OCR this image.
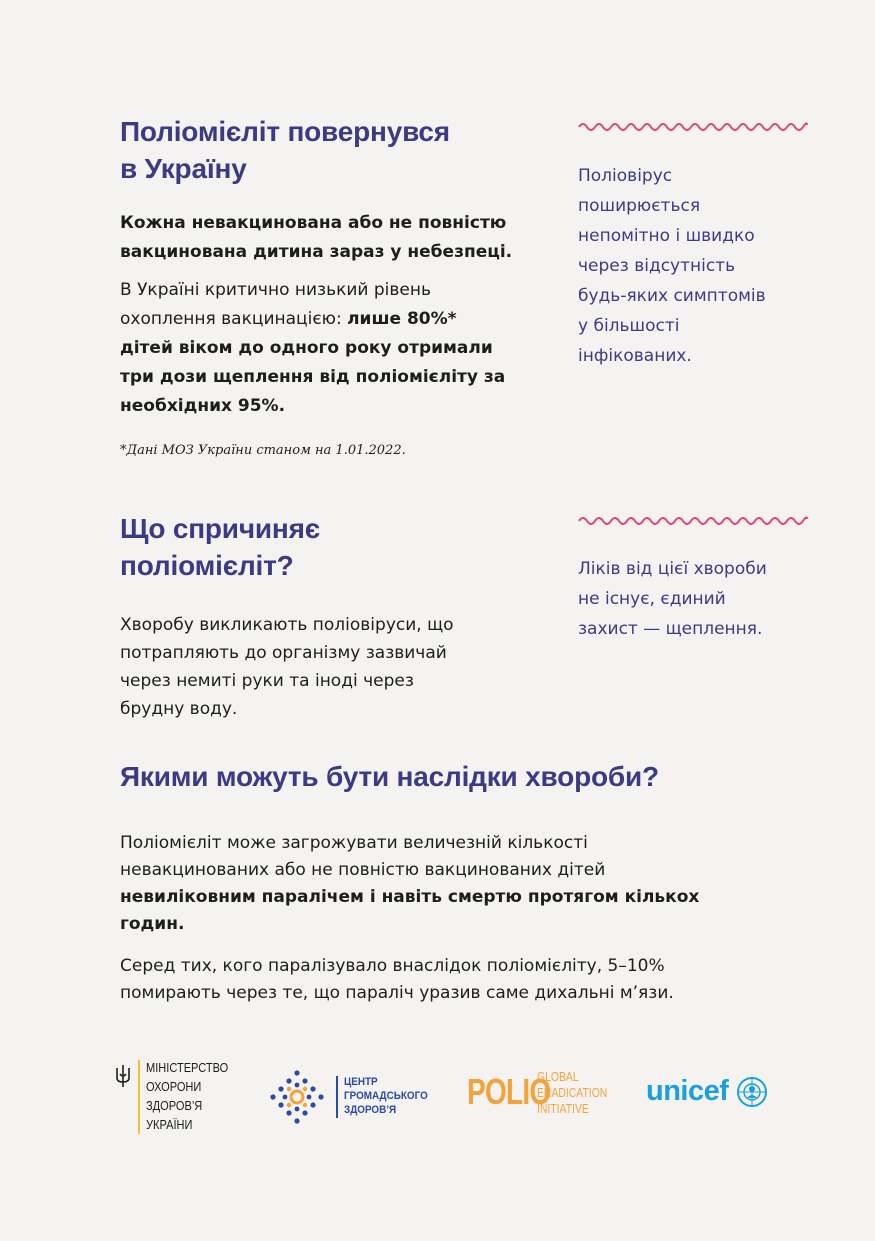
Поліомієліт повернувся
в Україну
Кожна невакцинована або не повністю
вакцинована дитина зараз у небезпеці.
В Україні критично низький рівень
охоплення вакцинацією: лише 80%*
дітей віком до одного року отримали
три дози щеплення від поліомієліту за
необхідних 95%.
*Дані МОЗ України станом на 1.01.2022.
Поліовірус
поширюється
непомітно і швидко
через відсутність
будь-яких симптомів
у більшості
інфікованих.
Що спричиняє
поліомієліт?
Хворобу викликають поліовіруси, що
потрапляють до організму зазвичай
через немиті руки та іноді через
брудну воду.
Ліків від цієї хвороби
не існує, єдиний
захист — щеплення.
Якими можуть бути наслідки хвороби?
Поліомієліт може загрожувати величезній кількості
невакцинованих або не повністю вакцинованих дітей
невиліковним паралічем і навіть смертю протягом кількох
годин.
Серед тих, кого паралізувало внаслідок поліомієліту, 5–10%
помирають через те, що параліч уразив саме дихальні м’язи.
МІНІСТЕРСТВО
ОХОРОНИ
ЗДОРОВ’Я
УКРАЇНИ
ЦЕНТР
ГРОМАДСЬКОГО
ЗДОРОВ’Я	POLIO
GLOBAL
ERADICATION
INITIATIVE
unicef
